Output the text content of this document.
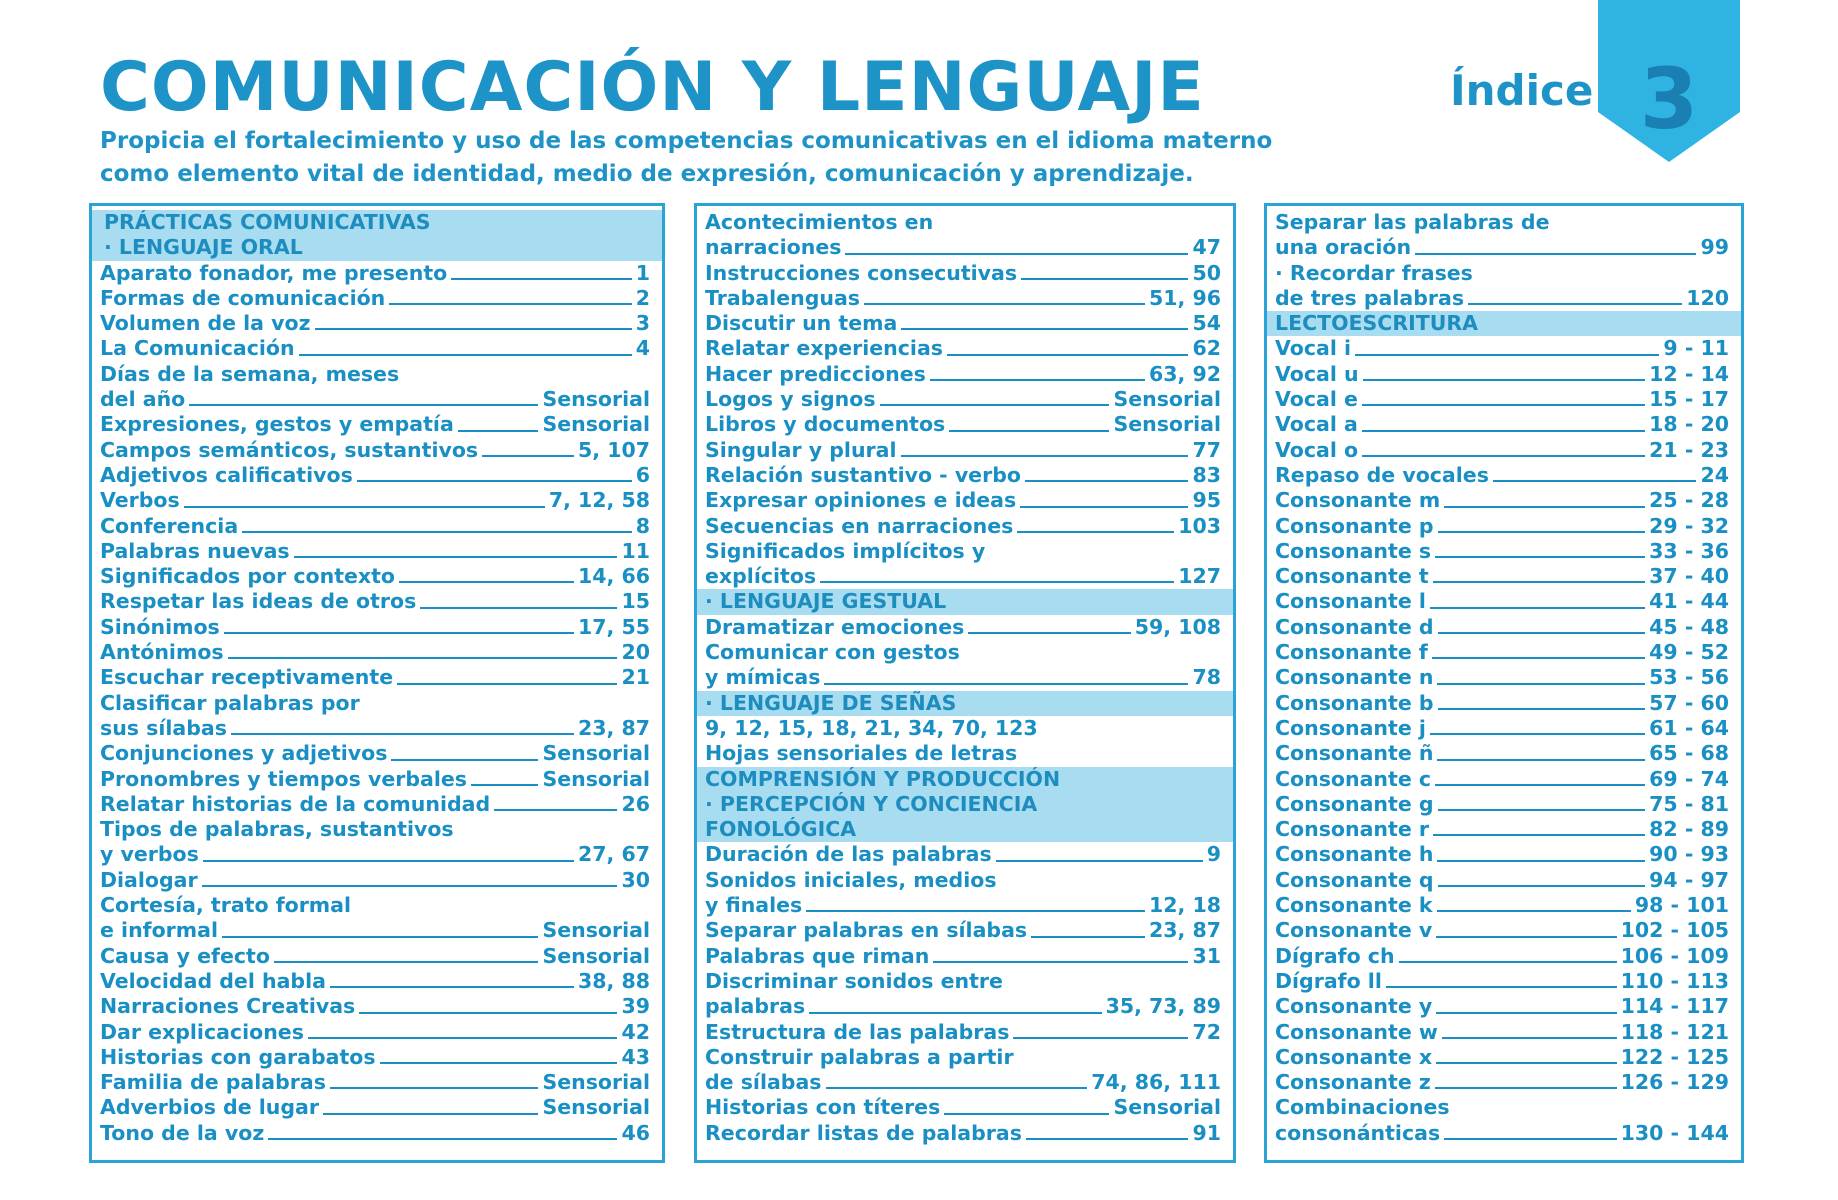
COMUNICACIÓN Y LENGUAJE
Propicia el fortalecimiento y uso de las competencias comunicativas en el idioma materno como elemento vital de identidad, medio de expresión, comunicación y aprendizaje.
Índice 3
PRÁCTICAS COMUNICATIVAS
· LENGUAJE ORAL
Aparato fonador, me presento	1
Formas de comunicación	2
Volumen de la voz	3
La Comunicación	4
Días de la semana, meses
del año	Sensorial
Expresiones, gestos y empatía	Sensorial
Campos semánticos, sustantivos	5, 107
Adjetivos calificativos	6
Verbos	7, 12, 58
Conferencia	8
Palabras nuevas	11
Significados por contexto	14, 66
Respetar las ideas de otros	15
Sinónimos	17, 55
Antónimos	20
Escuchar receptivamente	21
Clasificar palabras por
sus sílabas	23, 87
Conjunciones y adjetivos	Sensorial
Pronombres y tiempos verbales	Sensorial
Relatar historias de la comunidad	26
Tipos de palabras, sustantivos
y verbos	27, 67
Dialogar	30
Cortesía, trato formal
e informal	Sensorial
Causa y efecto	Sensorial
Velocidad del habla	38, 88
Narraciones Creativas	39
Dar explicaciones	42
Historias con garabatos	43
Familia de palabras	Sensorial
Adverbios de lugar	Sensorial
Tono de la voz	46
Acontecimientos en
narraciones	47
Instrucciones consecutivas	50
Trabalenguas	51, 96
Discutir un tema	54
Relatar experiencias	62
Hacer predicciones	63, 92
Logos y signos	Sensorial
Libros y documentos	Sensorial
Singular y plural	77
Relación sustantivo - verbo	83
Expresar opiniones e ideas	95
Secuencias en narraciones	103
Significados implícitos y
explícitos	127
· LENGUAJE GESTUAL
Dramatizar emociones	59, 108
Comunicar con gestos
y mímicas	78
· LENGUAJE DE SEÑAS
9, 12, 15, 18, 21, 34, 70, 123
Hojas sensoriales de letras
COMPRENSIÓN Y PRODUCCIÓN
· PERCEPCIÓN Y CONCIENCIA
FONOLÓGICA
Duración de las palabras	9
Sonidos iniciales, medios
y finales	12, 18
Separar palabras en sílabas	23, 87
Palabras que riman	31
Discriminar sonidos entre
palabras	35, 73, 89
Estructura de las palabras	72
Construir palabras a partir
de sílabas	74, 86, 111
Historias con títeres	Sensorial
Recordar listas de palabras	91
Separar las palabras de
una oración	99
· Recordar frases
de tres palabras	120
LECTOESCRITURA
Vocal i	9 - 11
Vocal u	12 - 14
Vocal e	15 - 17
Vocal a	18 - 20
Vocal o	21 - 23
Repaso de vocales	24
Consonante m	25 - 28
Consonante p	29 - 32
Consonante s	33 - 36
Consonante t	37 - 40
Consonante l	41 - 44
Consonante d	45 - 48
Consonante f	49 - 52
Consonante n	53 - 56
Consonante b	57 - 60
Consonante j	61 - 64
Consonante ñ	65 - 68
Consonante c	69 - 74
Consonante g	75 - 81
Consonante r	82 - 89
Consonante h	90 - 93
Consonante q	94 - 97
Consonante k	98 - 101
Consonante v	102 - 105
Dígrafo ch	106 - 109
Dígrafo ll	110 - 113
Consonante y	114 - 117
Consonante w	118 - 121
Consonante x	122 - 125
Consonante z	126 - 129
Combinaciones
consonánticas	130 - 144
